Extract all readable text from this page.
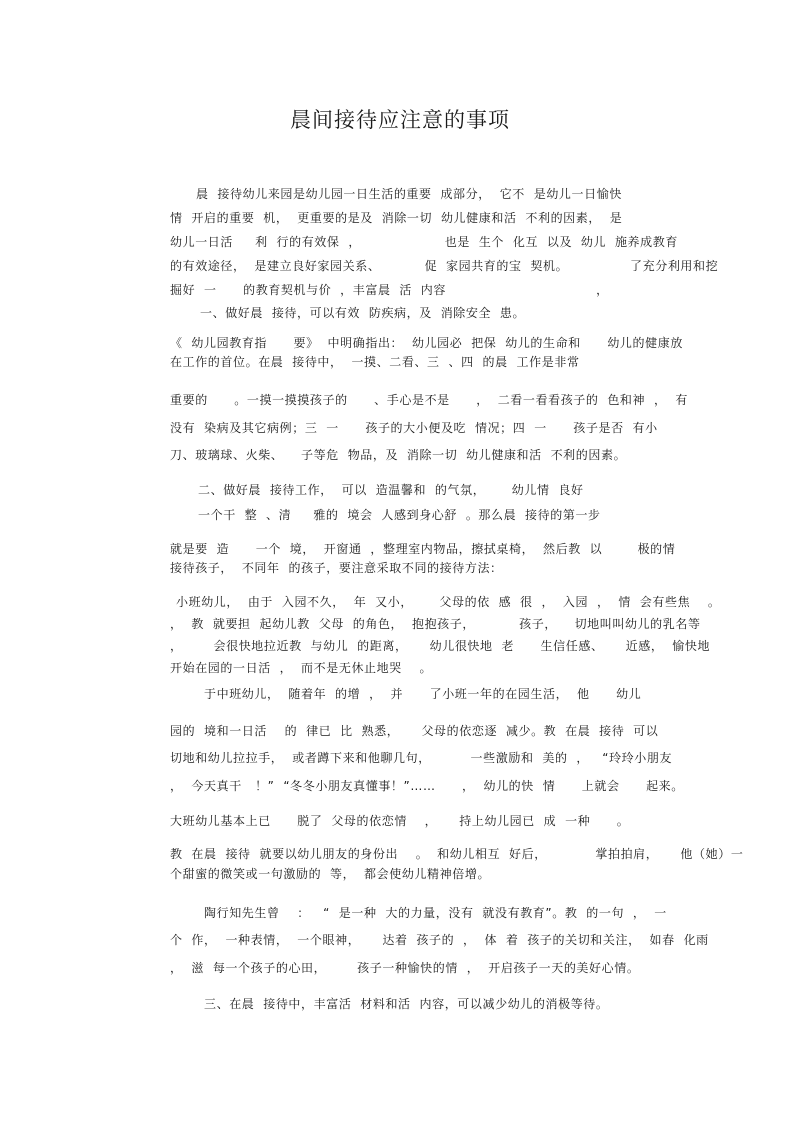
晨间接待应注意的事项
晨  接待幼儿来园是幼儿园一日生活的重要  成部分，  它不  是幼儿一日愉快
情  开启的重要  机，  更重要的是及  消除一切  幼儿健康和活  不利的因素，  是
幼儿一日活     利  行的有效保  ，                   也是  生个  化互  以及  幼儿  施养成教育
的有效途径，  是建立良好家园关系、          促  家园共育的宝  契机。              了充分利用和挖
掘好  一      的教育契机与价  ，丰富晨  活  内容                                  ，
一、做好晨  接待，可以有效  防疾病，及  消除安全  患。
《  幼儿园教育指      要》  中明确指出：  幼儿园必  把保  幼儿的生命和      幼儿的健康放
在工作的首位。在晨  接待中，  一摸、二看、三  、四  的晨  工作是非常
重要的      。一摸一摸摸孩子的      、手心是不是      ，  二看一看看孩子的  色和神  ，  有
没有  染病及其它病例；三  一      孩子的大小便及吃  情况；四  一      孩子是否  有小
刀、玻璃球、火柴、    子等危  物品，及  消除一切  幼儿健康和活  不利的因素。
二、做好晨  接待工作，  可以  造温馨和  的气氛，      幼儿情  良好
一个干  整  、清     雅的  境会  人感到身心舒  。那么晨  接待的第一步
就是要  造      一个  境，  开窗通  ，整理室内物品，擦拭桌椅，  然后教  以        极的情
接待孩子，  不同年  的孩子，要注意采取不同的接待方法：
小班幼儿，  由于  入园不久，  年  又小，      父母的依  感  很  ，  入园  ，  情  会有些焦    。
，  教  就要担  起幼儿教  父母  的角色，  抱抱孩子，          孩子，    切地叫叫幼儿的乳名等
，       会很快地拉近教  与幼儿  的距离，     幼儿很快地  老      生信任感、     近感，  愉快地
开始在园的一日活  ，  而不是无休止地哭    。
于中班幼儿，  随着年  的增  ，  并      了小班一年的在园生活，  他      幼儿
园的  境和一日活    的  律已  比  熟悉，     父母的依恋逐  减少。教  在晨  接待  可以
切地和幼儿拉拉手，  或者蹲下来和他聊几句，         一些激励和  美的  ，   “玲玲小朋友
，  今天真干   ！”  “冬冬小朋友真懂事！”……      ，  幼儿的快  情      上就会      起来。
大班幼儿基本上已      脱了  父母的依恋情    ，     持上幼儿园已  成  一种      。
教  在晨  接待  就要以幼儿朋友的身份出    。  和幼儿相互  好后，           掌拍拍肩，     他（她）一
个甜蜜的微笑或一句激励的  等，  都会使幼儿精神倍增。
陶行知先生曾    ：   “  是一种  大的力量，没有  就没有教育”。教  的一句  ，  一
个  作，  一种表情，  一个眼神，     达着  孩子的  ，  体  着  孩子的关切和关注，  如春  化雨
，  滋  每一个孩子的心田，       孩子一种愉快的情  ，  开启孩子一天的美好心情。
三、在晨  接待中，丰富活  材料和活  内容，可以减少幼儿的消极等待。
